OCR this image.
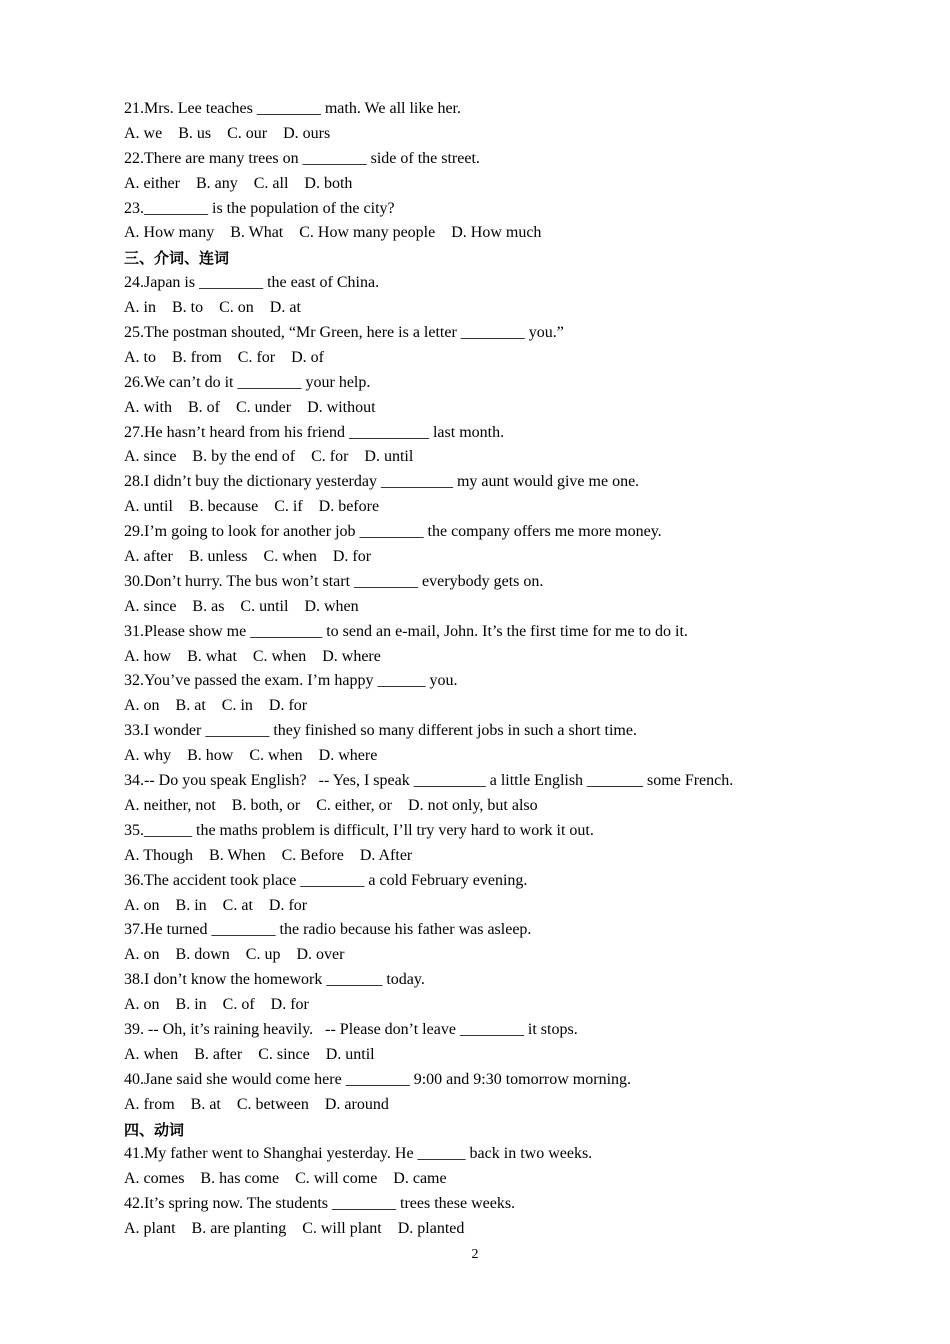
21.Mrs. Lee teaches ________ math. We all like her.
A. we    B. us    C. our    D. ours
22.There are many trees on ________ side of the street.
A. either    B. any    C. all    D. both
23.________ is the population of the city?
A. How many    B. What    C. How many people    D. How much
三、介词、连词
24.Japan is ________ the east of China.
A. in    B. to    C. on    D. at
25.The postman shouted, “Mr Green, here is a letter ________ you.”
A. to    B. from    C. for    D. of
26.We can’t do it ________ your help.
A. with    B. of    C. under    D. without
27.He hasn’t heard from his friend __________ last month.
A. since    B. by the end of    C. for    D. until
28.I didn’t buy the dictionary yesterday _________ my aunt would give me one.
A. until    B. because    C. if    D. before
29.I’m going to look for another job ________ the company offers me more money.
A. after    B. unless    C. when    D. for
30.Don’t hurry. The bus won’t start ________ everybody gets on.
A. since    B. as    C. until    D. when
31.Please show me _________ to send an e-mail, John. It’s the first time for me to do it.
A. how    B. what    C. when    D. where
32.You’ve passed the exam. I’m happy ______ you.
A. on    B. at    C. in    D. for
33.I wonder ________ they finished so many different jobs in such a short time.
A. why    B. how    C. when    D. where
34.-- Do you speak English?   -- Yes, I speak _________ a little English _______ some French.
A. neither, not    B. both, or    C. either, or    D. not only, but also
35.______ the maths problem is difficult, I’ll try very hard to work it out.
A. Though    B. When    C. Before    D. After
36.The accident took place ________ a cold February evening.
A. on    B. in    C. at    D. for
37.He turned ________ the radio because his father was asleep.
A. on    B. down    C. up    D. over
38.I don’t know the homework _______ today.
A. on    B. in    C. of    D. for
39. -- Oh, it’s raining heavily.   -- Please don’t leave ________ it stops.
A. when    B. after    C. since    D. until
40.Jane said she would come here ________ 9:00 and 9:30 tomorrow morning.
A. from    B. at    C. between    D. around
四、动词
41.My father went to Shanghai yesterday. He ______ back in two weeks.
A. comes    B. has come    C. will come    D. came
42.It’s spring now. The students ________ trees these weeks.
A. plant    B. are planting    C. will plant    D. planted
2
